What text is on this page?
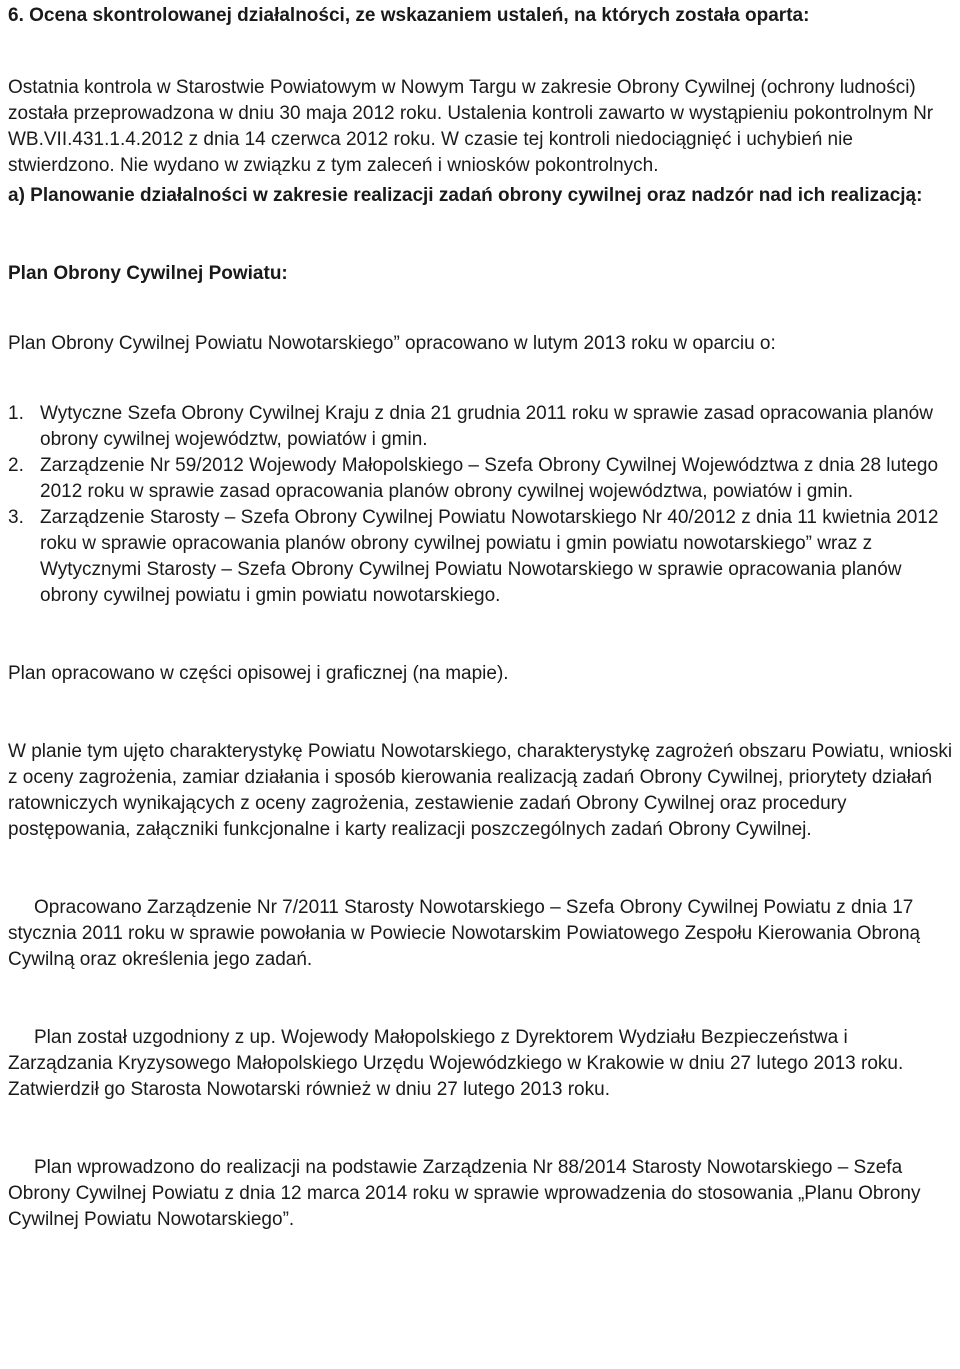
6. Ocena skontrolowanej działalności, ze wskazaniem ustaleń, na których została oparta:

Ostatnia kontrola w Starostwie Powiatowym w Nowym Targu w zakresie Obrony Cywilnej (ochrony ludności) została przeprowadzona w dniu 30 maja 2012 roku. Ustalenia kontroli zawarto w wystąpieniu pokontrolnym Nr WB.VII.431.1.4.2012 z dnia 14 czerwca 2012 roku. W czasie tej kontroli niedociągnięć i uchybień nie stwierdzono. Nie wydano w związku z tym zaleceń i wniosków pokontrolnych.

a) Planowanie działalności w zakresie realizacji zadań obrony cywilnej oraz nadzór nad ich realizacją:

Plan Obrony Cywilnej Powiatu:

Plan Obrony Cywilnej Powiatu Nowotarskiego” opracowano w lutym 2013 roku w oparciu o:

1. Wytyczne Szefa Obrony Cywilnej Kraju z dnia 21 grudnia 2011 roku w sprawie zasad opracowania planów obrony cywilnej województw, powiatów i gmin.
2. Zarządzenie Nr 59/2012 Wojewody Małopolskiego – Szefa Obrony Cywilnej Województwa z dnia 28 lutego 2012 roku w sprawie zasad opracowania planów obrony cywilnej województwa, powiatów i gmin.
3. Zarządzenie Starosty – Szefa Obrony Cywilnej Powiatu Nowotarskiego Nr 40/2012 z dnia 11 kwietnia 2012 roku w sprawie opracowania planów obrony cywilnej powiatu i gmin powiatu nowotarskiego” wraz z Wytycznymi Starosty – Szefa Obrony Cywilnej Powiatu Nowotarskiego w sprawie opracowania planów obrony cywilnej powiatu i gmin powiatu nowotarskiego.

Plan opracowano w części opisowej i graficznej (na mapie).

W planie tym ujęto charakterystykę Powiatu Nowotarskiego, charakterystykę zagrożeń obszaru Powiatu, wnioski z oceny zagrożenia, zamiar działania i sposób kierowania realizacją zadań Obrony Cywilnej, priorytety działań ratowniczych wynikających z oceny zagrożenia, zestawienie zadań Obrony Cywilnej oraz procedury postępowania, załączniki funkcjonalne i karty realizacji poszczególnych zadań Obrony Cywilnej.

Opracowano Zarządzenie Nr 7/2011 Starosty Nowotarskiego – Szefa Obrony Cywilnej Powiatu z dnia 17 stycznia 2011 roku w sprawie powołania w Powiecie Nowotarskim Powiatowego Zespołu Kierowania Obroną Cywilną oraz określenia jego zadań.

Plan został uzgodniony z up. Wojewody Małopolskiego z Dyrektorem Wydziału Bezpieczeństwa i Zarządzania Kryzysowego Małopolskiego Urzędu Wojewódzkiego w Krakowie w dniu 27 lutego 2013 roku. Zatwierdził go Starosta Nowotarski również w dniu 27 lutego 2013 roku.

Plan wprowadzono do realizacji na podstawie Zarządzenia Nr 88/2014 Starosty Nowotarskiego – Szefa Obrony Cywilnej Powiatu z dnia 12 marca 2014 roku w sprawie wprowadzenia do stosowania „Planu Obrony Cywilnej Powiatu Nowotarskiego”.
